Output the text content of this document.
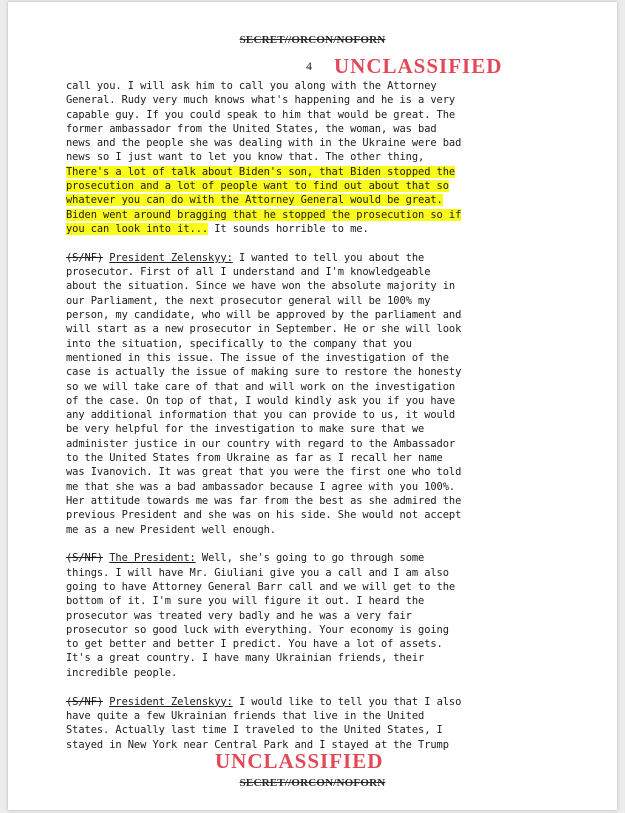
SECRET//ORCON/NOFORN
4 UNCLASSIFIED
call you. I will ask him to call you along with the Attorney
General. Rudy very much knows what's happening and he is a very
capable guy. If you could speak to him that would be great. The
former ambassador from the United States, the woman, was bad
news and the people she was dealing with in the Ukraine were bad
news so I just want to let you know that. The other thing,
There's a lot of talk about Biden's son, that Biden stopped the
prosecution and a lot of people want to find out about that so
whatever you can do with the Attorney General would be great.
Biden went around bragging that he stopped the prosecution so if
you can look into it... It sounds horrible to me.
(S/NF) President Zelenskyy: I wanted to tell you about the
prosecutor. First of all I understand and I'm knowledgeable
about the situation. Since we have won the absolute majority in
our Parliament, the next prosecutor general will be 100% my
person, my candidate, who will be approved by the parliament and
will start as a new prosecutor in September. He or she will look
into the situation, specifically to the company that you
mentioned in this issue. The issue of the investigation of the
case is actually the issue of making sure to restore the honesty
so we will take care of that and will work on the investigation
of the case. On top of that, I would kindly ask you if you have
any additional information that you can provide to us, it would
be very helpful for the investigation to make sure that we
administer justice in our country with regard to the Ambassador
to the United States from Ukraine as far as I recall her name
was Ivanovich. It was great that you were the first one who told
me that she was a bad ambassador because I agree with you 100%.
Her attitude towards me was far from the best as she admired the
previous President and she was on his side. She would not accept
me as a new President well enough.
(S/NF) The President: Well, she's going to go through some
things. I will have Mr. Giuliani give you a call and I am also
going to have Attorney General Barr call and we will get to the
bottom of it. I'm sure you will figure it out. I heard the
prosecutor was treated very badly and he was a very fair
prosecutor so good luck with everything. Your economy is going
to get better and better I predict. You have a lot of assets.
It's a great country. I have many Ukrainian friends, their
incredible people.
(S/NF) President Zelenskyy: I would like to tell you that I also
have quite a few Ukrainian friends that live in the United
States. Actually last time I traveled to the United States, I
stayed in New York near Central Park and I stayed at the Trump
UNCLASSIFIED
SECRET//ORCON/NOFORN
